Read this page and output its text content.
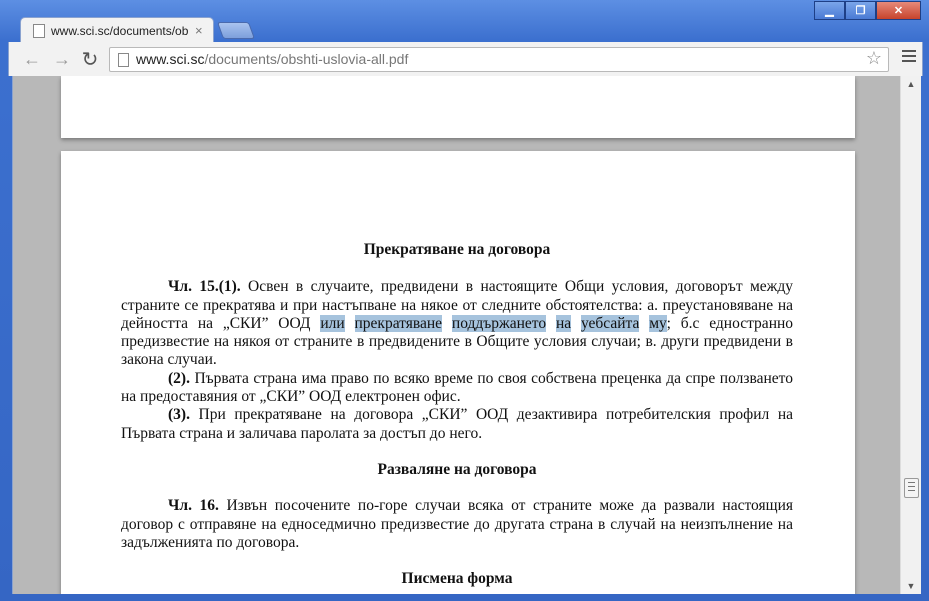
▁	❐	✕
www.sci.sc/documents/ob ×
← → ↻	www.sci.sc/documents/obshti-uslovia-all.pdf	☆

Прекратяване на договора

Чл. 15.(1). Освен в случаите, предвидени в настоящите Общи условия, договорът между страните се прекратява и при настъпване на някое от следните обстоятелства: а. преустановяване на дейността на „СКИ” ООД или прекратяване поддържането на уебсайта му; б.с едностранно предизвестие на някоя от страните в предвидените в Общите условия случаи; в. други предвидени в закона случаи.

(2). Първата страна има право по всяко време по своя собствена преценка да спре ползването на предоставяния от „СКИ” ООД електронен офис.

(3). При прекратяване на договора „СКИ” ООД дезактивира потребителския профил на Първата страна и заличава паролата за достъп до него.

Разваляне на договора

Чл. 16. Извън посочените по-горе случаи всяка от страните може да развали настоящия договор с отправяне на едноседмично предизвестие до другата страна в случай на неизпълнение на задълженията по договора.

Писмена форма

▲
▼
